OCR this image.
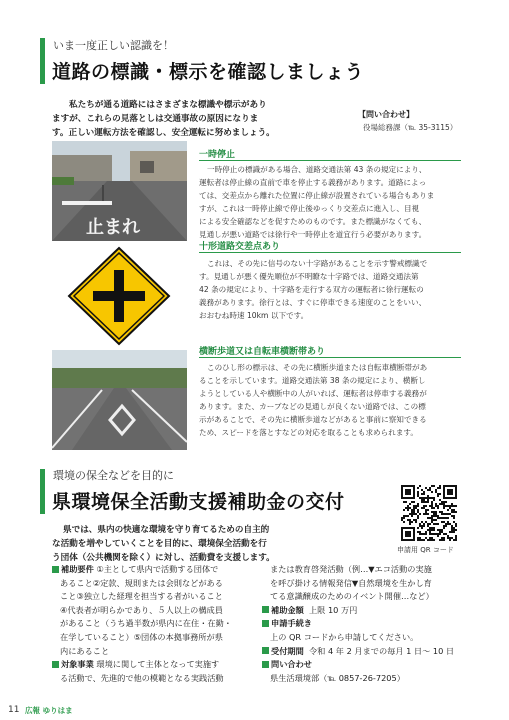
いま一度正しい認識を！
道路の標識・標示を確認しましょう
私たちが通る道路にはさまざまな標識や標示があり
ますが、これらの見落としは交通事故の原因になりま
す。正しい運転方法を確認し、安全運転に努めましょう。
【問い合わせ】
役場総務課（℡ 35-3115）
止まれ
一時停止
一時停止の標識がある場合、道路交通法第 43 条の規定により、
運転者は停止線の直前で車を停止する義務があります。道路によっ
ては、交差点から離れた位置に停止線が設置されている場合もありま
すが、これは一時停止線で停止後ゆっくり交差点に進入し、目視
による安全確認などを促すためのものです。また標識がなくても、
見通しが悪い道路では徐行や一時停止を道宜行う必要があります。
十形道路交差点あり
これは、その先に信号のない十字路があることを示す警戒標識で
す。見通しが悪く優先順位が不明瞭な十字路では、道路交通法第
42 条の規定により、十字路を走行する双方の運転者に徐行運転の
義務があります。徐行とは、すぐに停車できる速度のことをいい、
おおむね時速 10km 以下です。
横断歩道又は自転車横断帯あり
このひし形の標示は、その先に横断歩道または自転車横断帯があ
ることを示しています。道路交通法第 38 条の規定により、横断し
ようとしている人や横断中の人がいれば、運転者は停車する義務が
あります。また、カーブなどの見通しが良くない道路では、この標
示があることで、その先に横断歩道などがあると事前に察知できる
ため、スピードを落とすなどの対応を取ることも求められます。
環境の保全などを目的に
県環境保全活動支援補助金の交付
県では、県内の快適な環境を守り育てるための自主的
な活動を増やしていくことを目的に、環境保全活動を行
う団体（公共機関を除く）に対し、活動費を支援します。
申請用 QR コード
補助要件 ①主として県内で活動する団体で
あること②定款、規則または会則などがある
こと③独立した経理を担当する者がいること
④代表者が明らかであり、５人以上の構成員
があること（うち過半数が県内に在住・在勤・
在学していること）⑤団体の本拠事務所が県
内にあること
対象事業 環境に関して主体となって実施す
る活動で、先進的で他の模範となる実践活動
または教育啓発活動（例…▼エコ活動の実施
を呼び掛ける情報発信▼自然環境を生かし育
てる意識醸成のためのイベント開催…など）
補助金額 上限 10 万円
申請手続き
上の QR コードから申請してください。
受付期間 令和 4 年 2 月までの毎月 1 日～ 10 日
問い合わせ
県生活環境部（℡ 0857-26-7205）
11 広報 ゆりはま
